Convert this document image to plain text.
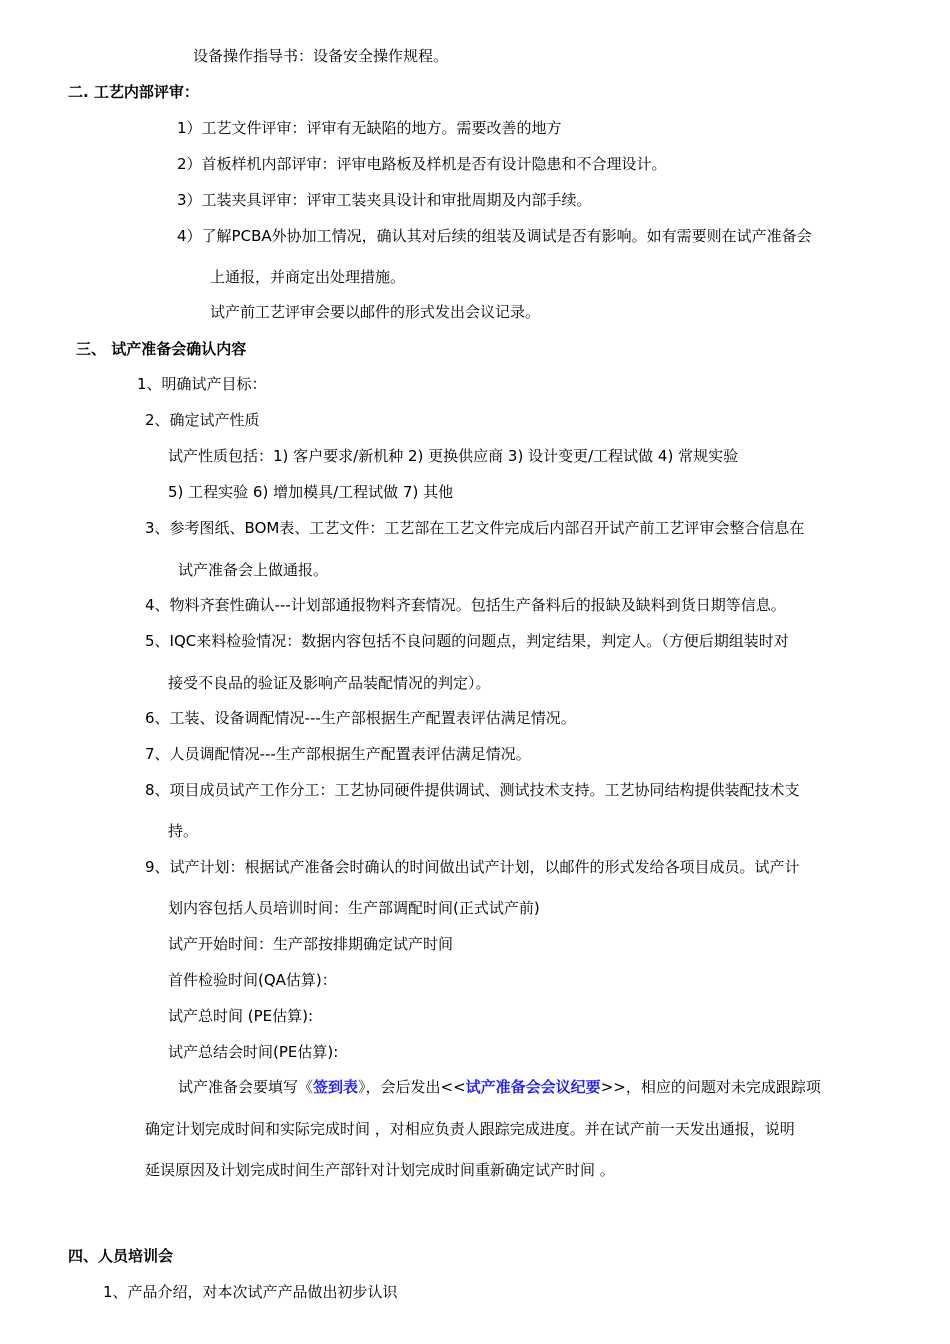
设备操作指导书：设备安全操作规程。
二. 工艺内部评审：
1）工艺文件评审：评审有无缺陷的地方。需要改善的地方
2）首板样机内部评审：评审电路板及样机是否有设计隐患和不合理设计。
3）工装夹具评审：评审工装夹具设计和审批周期及内部手续。
4）了解PCBA外协加工情况，确认其对后续的组装及调试是否有影响。如有需要则在试产准备会
上通报，并商定出处理措施。
试产前工艺评审会要以邮件的形式发出会议记录。
三、 试产准备会确认内容
1、明确试产目标：
2、确定试产性质
试产性质包括：1) 客户要求/新机种 2) 更换供应商 3) 设计变更/工程试做 4) 常规实验
5) 工程实验 6) 增加模具/工程试做 7) 其他
3、参考图纸、BOM表、工艺文件：工艺部在工艺文件完成后内部召开试产前工艺评审会整合信息在
试产准备会上做通报。
4、物料齐套性确认---计划部通报物料齐套情况。包括生产备料后的报缺及缺料到货日期等信息。
5、IQC来料检验情况：数据内容包括不良问题的问题点，判定结果，判定人。（方便后期组装时对
接受不良品的验证及影响产品装配情况的判定）。
6、工装、设备调配情况---生产部根据生产配置表评估满足情况。
7、人员调配情况---生产部根据生产配置表评估满足情况。
8、项目成员试产工作分工：工艺协同硬件提供调试、测试技术支持。工艺协同结构提供装配技术支
持。
9、试产计划：根据试产准备会时确认的时间做出试产计划，以邮件的形式发给各项目成员。试产计
划内容包括人员培训时间：生产部调配时间(正式试产前)
试产开始时间：生产部按排期确定试产时间
首件检验时间(QA估算)：
试产总时间 (PE估算):
试产总结会时间(PE估算):
试产准备会要填写《签到表》，会后发出<<试产准备会会议纪要>>，相应的问题对未完成跟踪项
确定计划完成时间和实际完成时间 ，对相应负责人跟踪完成进度。并在试产前一天发出通报，说明
延误原因及计划完成时间生产部针对计划完成时间重新确定试产时间 。
四、人员培训会
1、产品介绍，对本次试产产品做出初步认识
